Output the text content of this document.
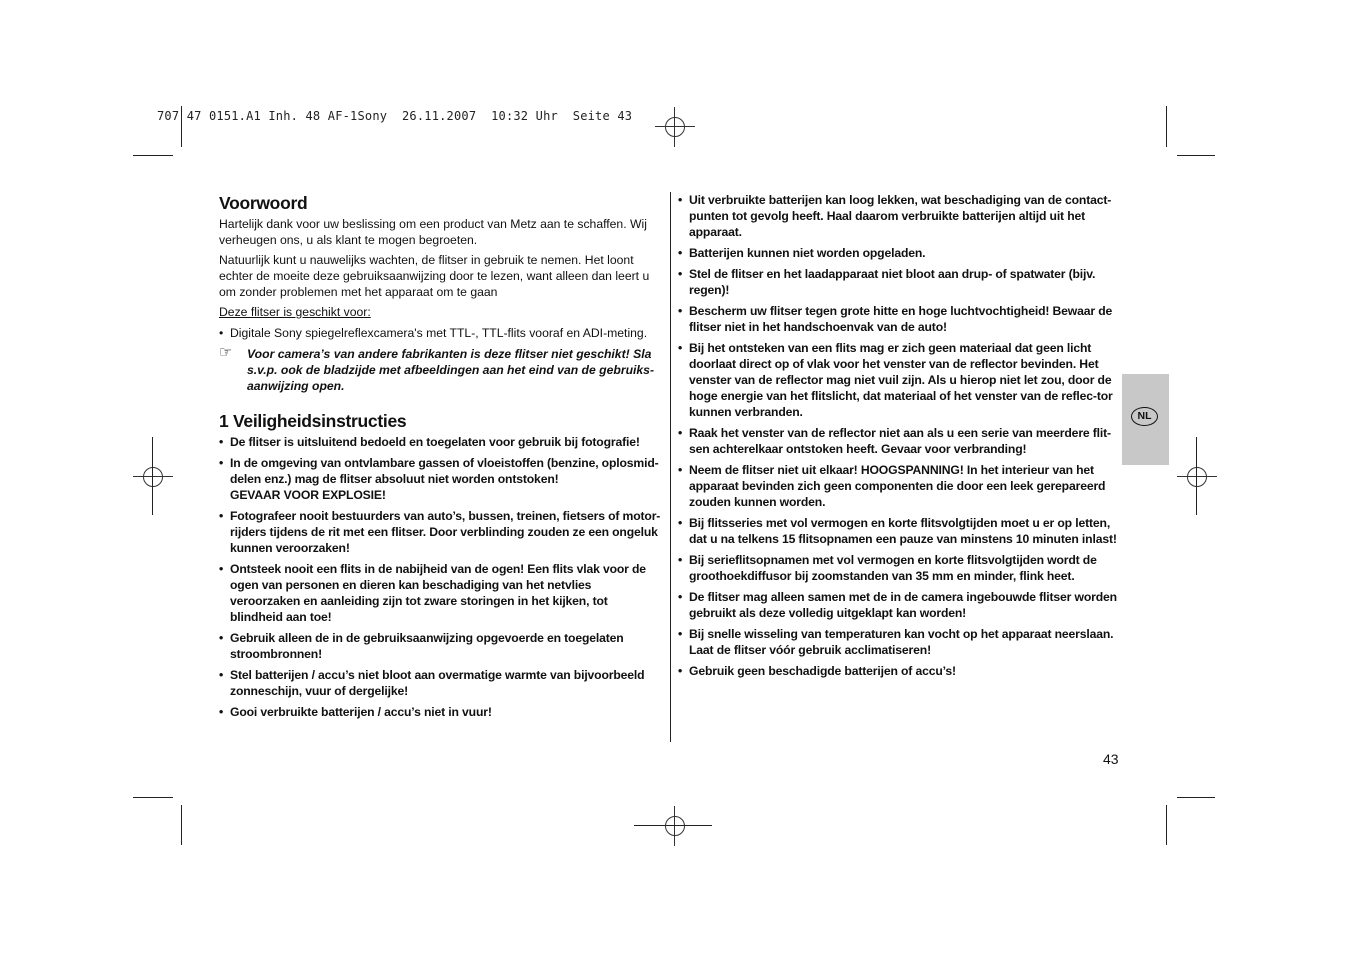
707 47 0151.A1 Inh. 48 AF-1Sony  26.11.2007  10:32 Uhr  Seite 43
Voorwoord

Hartelijk dank voor uw beslissing om een product van Metz aan te schaffen. Wij verheugen ons, u als klant te mogen begroeten.

Natuurlijk kunt u nauwelijks wachten, de flitser in gebruik te nemen. Het loont echter de moeite deze gebruiksaanwijzing door te lezen, want alleen dan leert u om zonder problemen met het apparaat om te gaan

Deze flitser is geschikt voor:

• Digitale Sony spiegelreflexcamera's met TTL-, TTL-flits vooraf en ADI-meting.
☞ Voor camera’s van andere fabrikanten is deze flitser niet geschikt! Sla s.v.p. ook de bladzijde met afbeeldingen aan het eind van de gebruiks-aanwijzing open.
1 Veiligheidsinstructies
• De flitser is uitsluitend bedoeld en toegelaten voor gebruik bij fotografie!
• In de omgeving van ontvlambare gassen of vloeistoffen (benzine, oplosmid-delen enz.) mag de flitser absoluut niet worden ontstoken!
GEVAAR VOOR EXPLOSIE!
• Fotografeer nooit bestuurders van auto’s, bussen, treinen, fietsers of motor-rijders tijdens de rit met een flitser. Door verblinding zouden ze een ongeluk kunnen veroorzaken!
• Ontsteek nooit een flits in de nabijheid van de ogen! Een flits vlak voor de ogen van personen en dieren kan beschadiging van het netvlies veroorzaken en aanleiding zijn tot zware storingen in het kijken, tot blindheid aan toe!
• Gebruik alleen de in de gebruiksaanwijzing opgevoerde en toegelaten stroombronnen!
• Stel batterijen / accu’s niet bloot aan overmatige warmte van bijvoorbeeld zonneschijn, vuur of dergelijke!
• Gooi verbruikte batterijen / accu’s niet in vuur!
• Uit verbruikte batterijen kan loog lekken, wat beschadiging van de contact-punten tot gevolg heeft. Haal daarom verbruikte batterijen altijd uit het apparaat.
• Batterijen kunnen niet worden opgeladen.
• Stel de flitser en het laadapparaat niet bloot aan drup- of spatwater (bijv. regen)!
• Bescherm uw flitser tegen grote hitte en hoge luchtvochtigheid! Bewaar de flitser niet in het handschoenvak van de auto!
• Bij het ontsteken van een flits mag er zich geen materiaal dat geen licht doorlaat direct op of vlak voor het venster van de reflector bevinden. Het venster van de reflector mag niet vuil zijn. Als u hierop niet let zou, door de hoge energie van het flitslicht, dat materiaal of het venster van de reflec-tor kunnen verbranden.
• Raak het venster van de reflector niet aan als u een serie van meerdere flit-sen achterelkaar ontstoken heeft. Gevaar voor verbranding!
• Neem de flitser niet uit elkaar! HOOGSPANNING! In het interieur van het apparaat bevinden zich geen componenten die door een leek gerepareerd zouden kunnen worden.
• Bij flitsseries met vol vermogen en korte flitsvolgtijden moet u er op letten, dat u na telkens 15 flitsopnamen een pauze van minstens 10 minuten inlast!
• Bij serieflitsopnamen met vol vermogen en korte flitsvolgtijden wordt de groothoekdiffusor bij zoomstanden van 35 mm en minder, flink heet.
• De flitser mag alleen samen met de in de camera ingebouwde flitser worden gebruikt als deze volledig uitgeklapt kan worden!
• Bij snelle wisseling van temperaturen kan vocht op het apparaat neerslaan. Laat de flitser vóór gebruik acclimatiseren!
• Gebruik geen beschadigde batterijen of accu’s!
NL
43
